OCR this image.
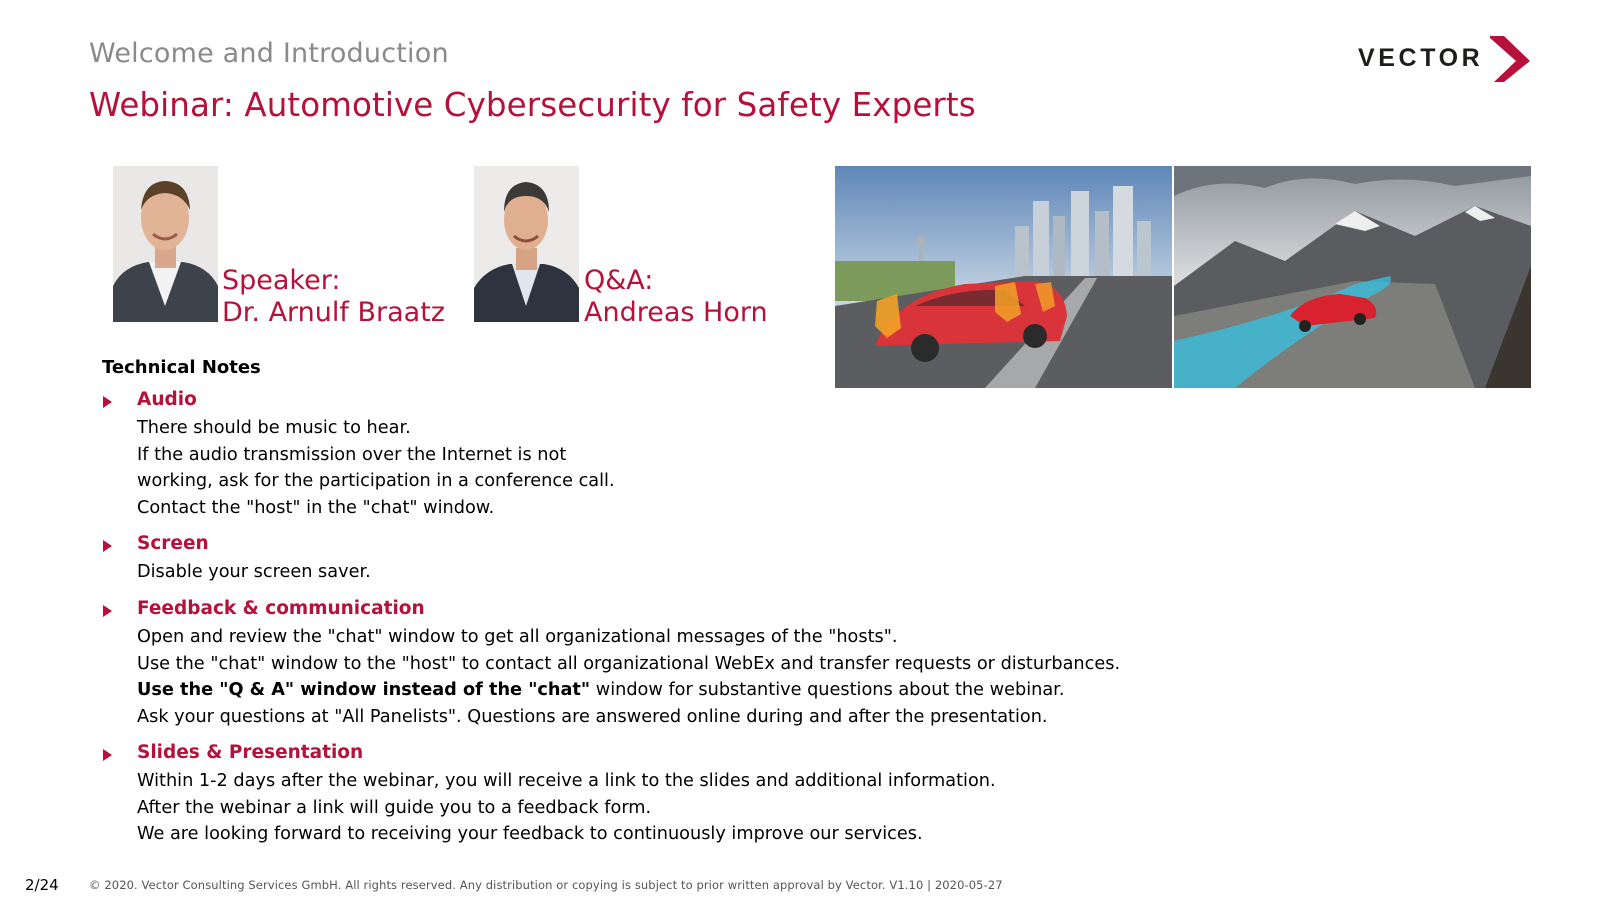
Welcome and Introduction
Webinar: Automotive Cybersecurity for Safety Experts
VECTOR
Speaker:
Dr. Arnulf Braatz
Q&A:
Andreas Horn
Technical Notes
Audio
There should be music to hear.
If the audio transmission over the Internet is not
working, ask for the participation in a conference call.
Contact the "host" in the "chat" window.
Screen
Disable your screen saver.
Feedback & communication
Open and review the "chat" window to get all organizational messages of the "hosts".
Use the "chat" window to the "host" to contact all organizational WebEx and transfer requests or disturbances.
Use the "Q & A" window instead of the "chat" window for substantive questions about the webinar.
Ask your questions at "All Panelists". Questions are answered online during and after the presentation.
Slides & Presentation
Within 1-2 days after the webinar, you will receive a link to the slides and additional information.
After the webinar a link will guide you to a feedback form.
We are looking forward to receiving your feedback to continuously improve our services.
2/24	© 2020. Vector Consulting Services GmbH. All rights reserved. Any distribution or copying is subject to prior written approval by Vector. V1.10 | 2020-05-27
